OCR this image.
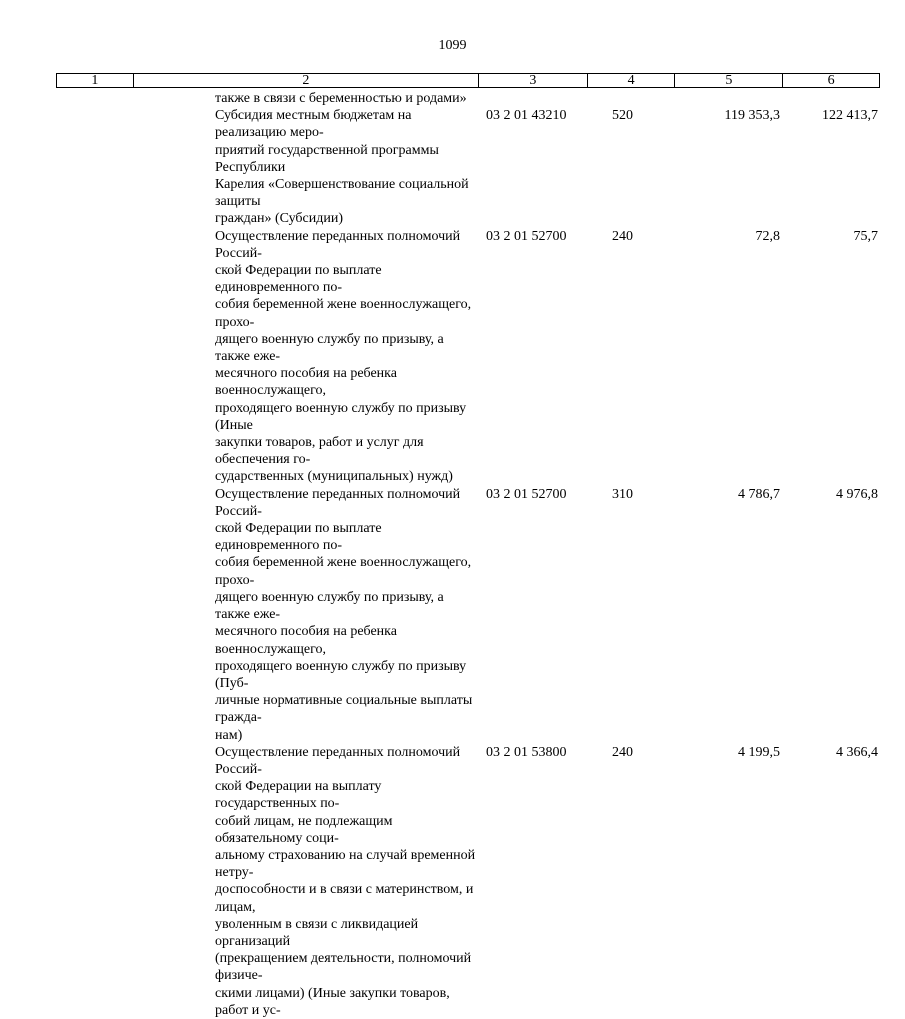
1099
1	2	3	4	5	6
также в связи с беременностью и родами»
Субсидия местным бюджетам на реализацию меро-
приятий государственной программы Республики
Карелия «Совершенствование социальной защиты
граждан» (Субсидии)
03 2 01 43210	520	119 353,3	122 413,7
Осуществление переданных полномочий Россий-
ской Федерации по выплате единовременного по-
собия беременной жене военнослужащего, прохо-
дящего военную службу по призыву, а также еже-
месячного пособия на ребенка военнослужащего,
проходящего военную службу по призыву (Иные
закупки товаров, работ и услуг для обеспечения го-
сударственных (муниципальных) нужд)
03 2 01 52700	240	72,8	75,7
Осуществление переданных полномочий Россий-
ской Федерации по выплате единовременного по-
собия беременной жене военнослужащего, прохо-
дящего военную службу по призыву, а также еже-
месячного пособия на ребенка военнослужащего,
проходящего военную службу по призыву (Пуб-
личные нормативные социальные выплаты гражда-
нам)
03 2 01 52700	310	4 786,7	4 976,8
Осуществление переданных полномочий Россий-
ской Федерации на выплату государственных по-
собий лицам, не подлежащим обязательному соци-
альному страхованию на случай временной нетру-
доспособности и в связи с материнством, и лицам,
уволенным в связи с ликвидацией организаций
(прекращением деятельности, полномочий физиче-
скими лицами) (Иные закупки товаров, работ и ус-
03 2 01 53800	240	4 199,5	4 366,4
